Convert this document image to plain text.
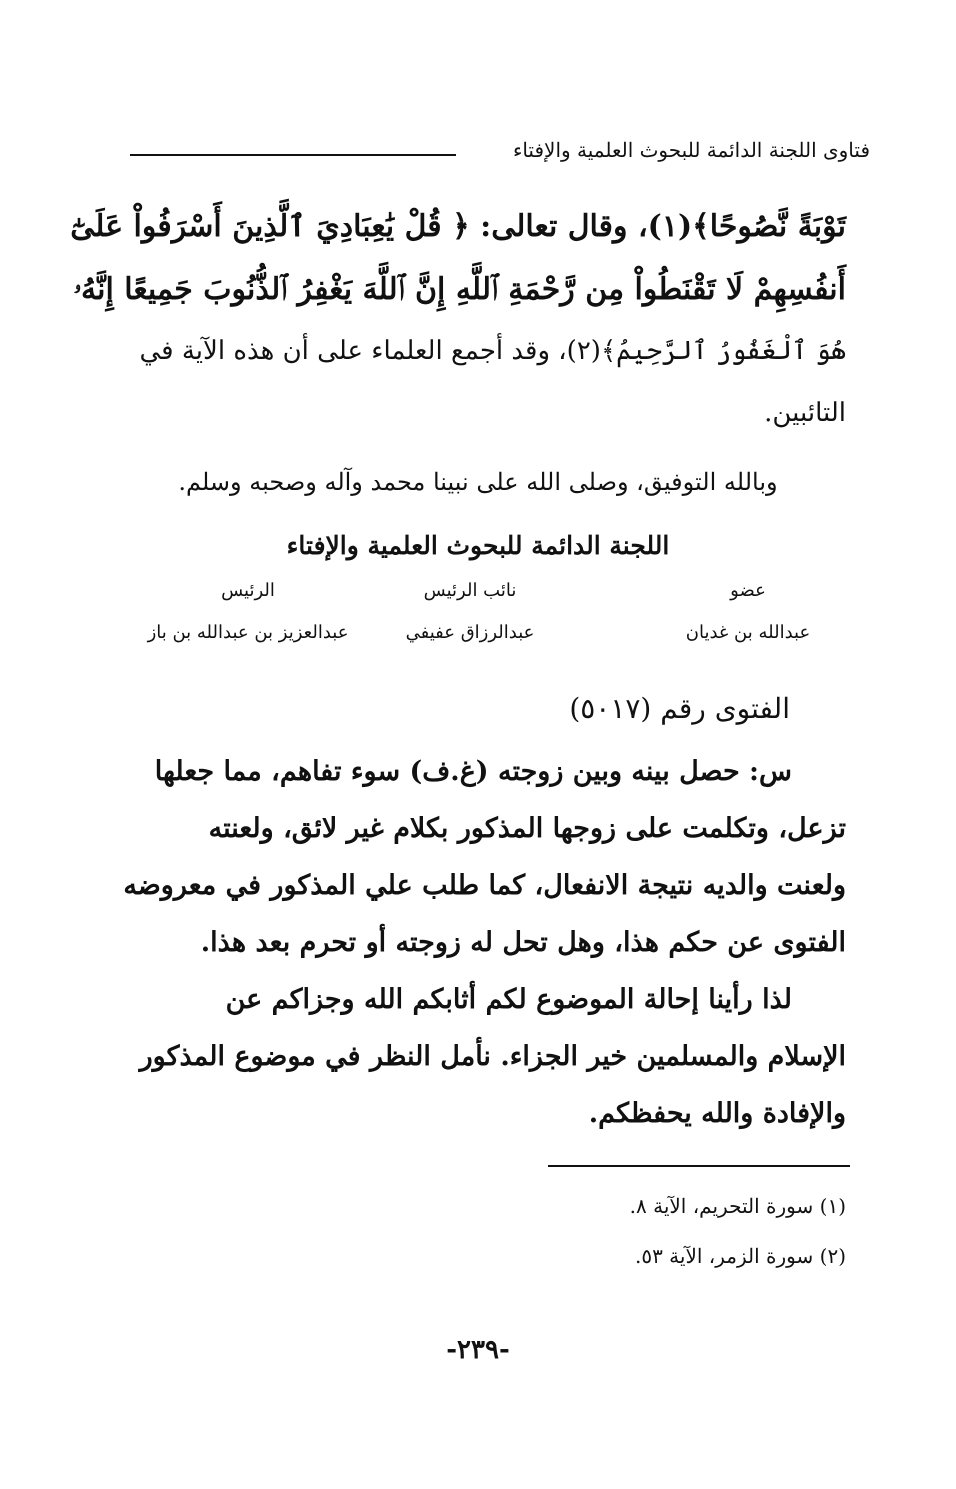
فتاوى اللجنة الدائمة للبحوث العلمية والإفتاء
تَوْبَةً نَّصُوحًا﴾(١)، وقال تعالى: ﴿ قُلْ يَٰعِبَادِيَ ٱلَّذِينَ أَسْرَفُواْ عَلَىٰٓ
أَنفُسِهِمْ لَا تَقْنَطُواْ مِن رَّحْمَةِ ٱللَّهِ إِنَّ ٱللَّهَ يَغْفِرُ ٱلذُّنُوبَ جَمِيعًا إِنَّهُۥ
هُوَ ٱلْغَفُورُ ٱلرَّحِيمُ﴾(٢)، وقد أجمع العلماء على أن هذه الآية في
التائبين.
وبالله التوفيق، وصلى الله على نبينا محمد وآله وصحبه وسلم.
اللجنة الدائمة للبحوث العلمية والإفتاء
عضو
عبدالله بن غديان
نائب الرئيس
عبدالرزاق عفيفي
الرئيس
عبدالعزيز بن عبدالله بن باز
الفتوى رقم (٥٠١٧)
س: حصل بينه وبين زوجته (غ.ف) سوء تفاهم، مما جعلها
تزعل، وتكلمت على زوجها المذكور بكلام غير لائق، ولعنته
ولعنت والديه نتيجة الانفعال، كما طلب علي المذكور في معروضه
الفتوى عن حكم هذا، وهل تحل له زوجته أو تحرم بعد هذا.
لذا رأينا إحالة الموضوع لكم أثابكم الله وجزاكم عن
الإسلام والمسلمين خير الجزاء. نأمل النظر في موضوع المذكور
والإفادة والله يحفظكم.
(١) سورة التحريم، الآية ٨.
(٢) سورة الزمر، الآية ٥٣.
-٢٣٩-
